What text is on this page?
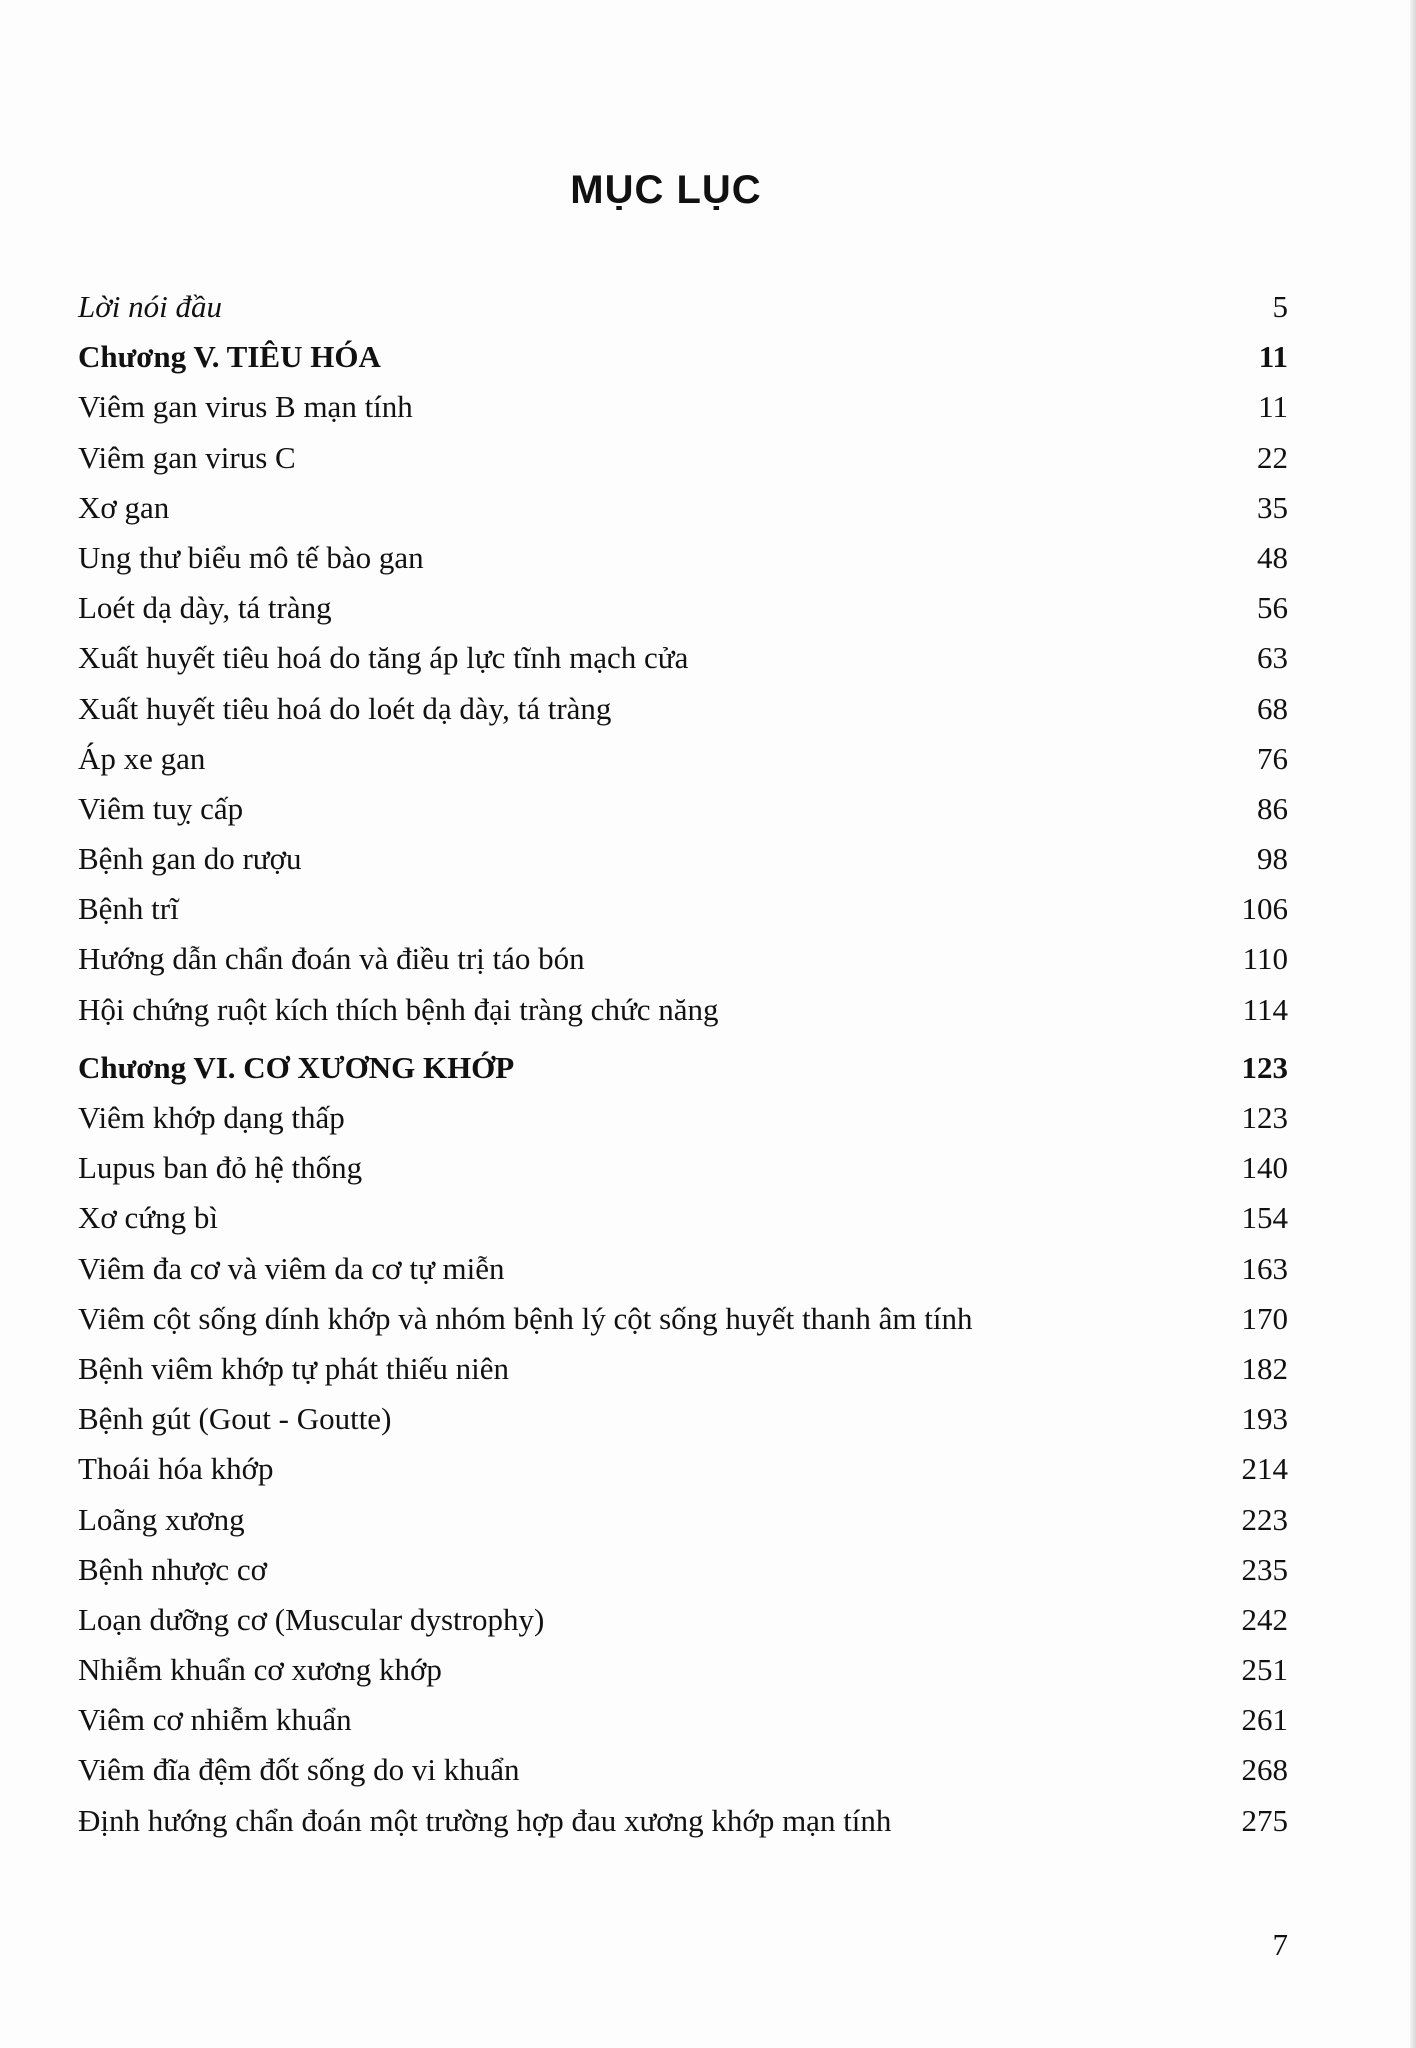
MỤC LỤC
Lời nói đầu	5
Chương V. TIÊU HÓA	11
Viêm gan virus B mạn tính	11
Viêm gan virus C	22
Xơ gan	35
Ung thư biểu mô tế bào gan	48
Loét dạ dày, tá tràng	56
Xuất huyết tiêu hoá do tăng áp lực tĩnh mạch cửa	63
Xuất huyết tiêu hoá do loét dạ dày, tá tràng	68
Áp xe gan	76
Viêm tuỵ cấp	86
Bệnh gan do rượu	98
Bệnh trĩ	106
Hướng dẫn chẩn đoán và điều trị táo bón	110
Hội chứng ruột kích thích bệnh đại tràng chức năng	114
Chương VI. CƠ XƯƠNG KHỚP	123
Viêm khớp dạng thấp	123
Lupus ban đỏ hệ thống	140
Xơ cứng bì	154
Viêm đa cơ và viêm da cơ tự miễn	163
Viêm cột sống dính khớp và nhóm bệnh lý cột sống huyết thanh âm tính	170
Bệnh viêm khớp tự phát thiếu niên	182
Bệnh gút (Gout - Goutte)	193
Thoái hóa khớp	214
Loãng xương	223
Bệnh nhược cơ	235
Loạn dưỡng cơ (Muscular dystrophy)	242
Nhiễm khuẩn cơ xương khớp	251
Viêm cơ nhiễm khuẩn	261
Viêm đĩa đệm đốt sống do vi khuẩn	268
Định hướng chẩn đoán một trường hợp đau xương khớp mạn tính	275
7
